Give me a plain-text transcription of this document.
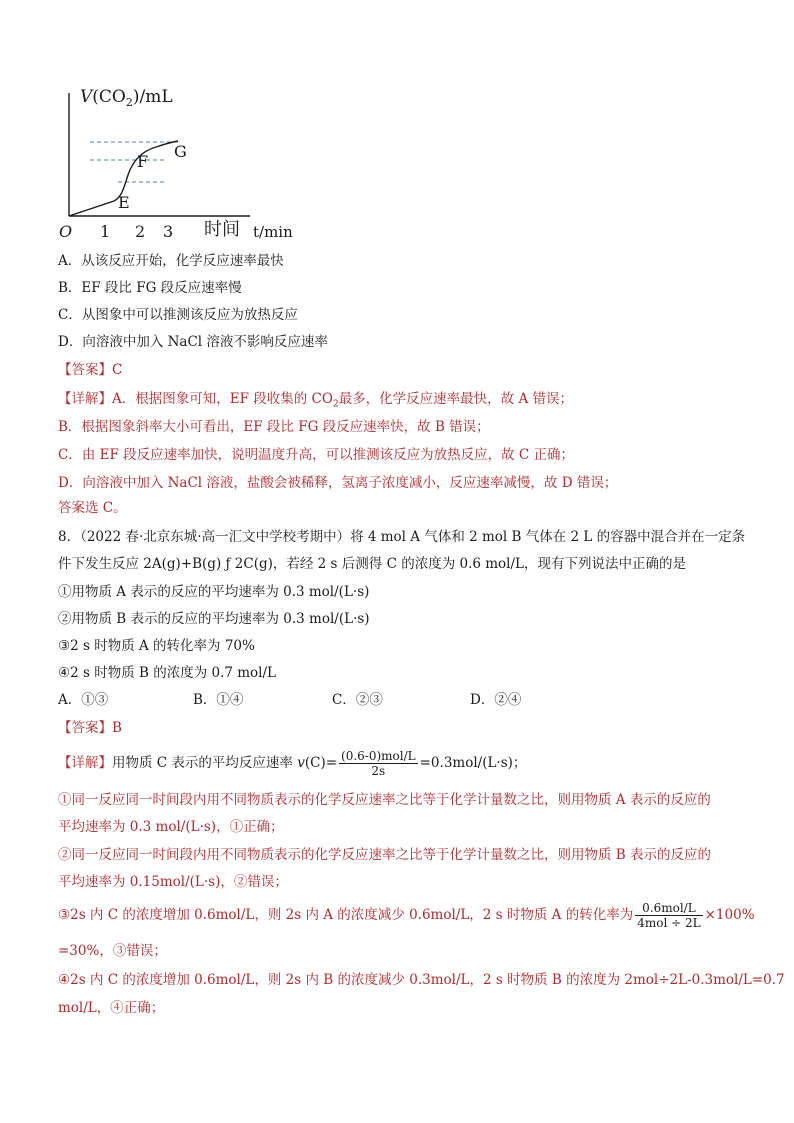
$V(CO_2)/mL$
F
G
E
O 1 2 3 时间 t/min
A．从该反应开始，化学反应速率最快
B．EF 段比 FG 段反应速率慢
C．从图象中可以推测该反应为放热反应
D．向溶液中加入 NaCl 溶液不影响反应速率
【答案】C
【详解】A．根据图象可知，EF 段收集的 $CO_2$最多，化学反应速率最快，故 A 错误；
B．根据图象斜率大小可看出，EF 段比 FG 段反应速率快，故 B 错误；
C．由 EF 段反应速率加快，说明温度升高，可以推测该反应为放热反应，故 C 正确；
D．向溶液中加入 NaCl 溶液，盐酸会被稀释，氢离子浓度减小，反应速率减慢，故 D 错误；
答案选 C。
8．（2022 春·北京东城·高一汇文中学校考期中）将 4 mol A 气体和 2 mol B 气体在 2 L 的容器中混合并在一定条
件下发生反应 2A(g)+B(g) ƒ 2C(g)，若经 2 s 后测得 C 的浓度为 0.6 mol/L，现有下列说法中正确的是
①用物质 A 表示的反应的平均速率为 0.3 mol/(L·s)
②用物质 B 表示的反应的平均速率为 0.3 mol/(L·s)
③2 s 时物质 A 的转化率为 70%
④2 s 时物质 B 的浓度为 0.7 mol/L
A．①③	B．①④	C．②③	D．②④
【答案】B
【详解】用物质 C 表示的平均反应速率 $v(C)= \frac{\text{(0.6-0)mol/L}}{2s} =0.3mol/(L\cdot s)$；
①同一反应同一时间段内用不同物质表示的化学反应速率之比等于化学计量数之比，则用物质 A 表示的反应的
平均速率为 0.3 mol/(L·s)，①正确；
②同一反应同一时间段内用不同物质表示的化学反应速率之比等于化学计量数之比，则用物质 B 表示的反应的
平均速率为 0.15mol/(L·s)，②错误；
③2s 内 C 的浓度增加 0.6mol/L，则 2s 内 A 的浓度减少 0.6mol/L，2 s 时物质 A 的转化率为 $\frac{\text{0.6mol/L}}{\text{4mol ÷ 2L}} \times 100\%$
=30%，③错误；
④2s 内 C 的浓度增加 0.6mol/L，则 2s 内 B 的浓度减少 0.3mol/L，2 s 时物质 B 的浓度为 2mol÷2L-0.3mol/L=0.7
mol/L，④正确；
